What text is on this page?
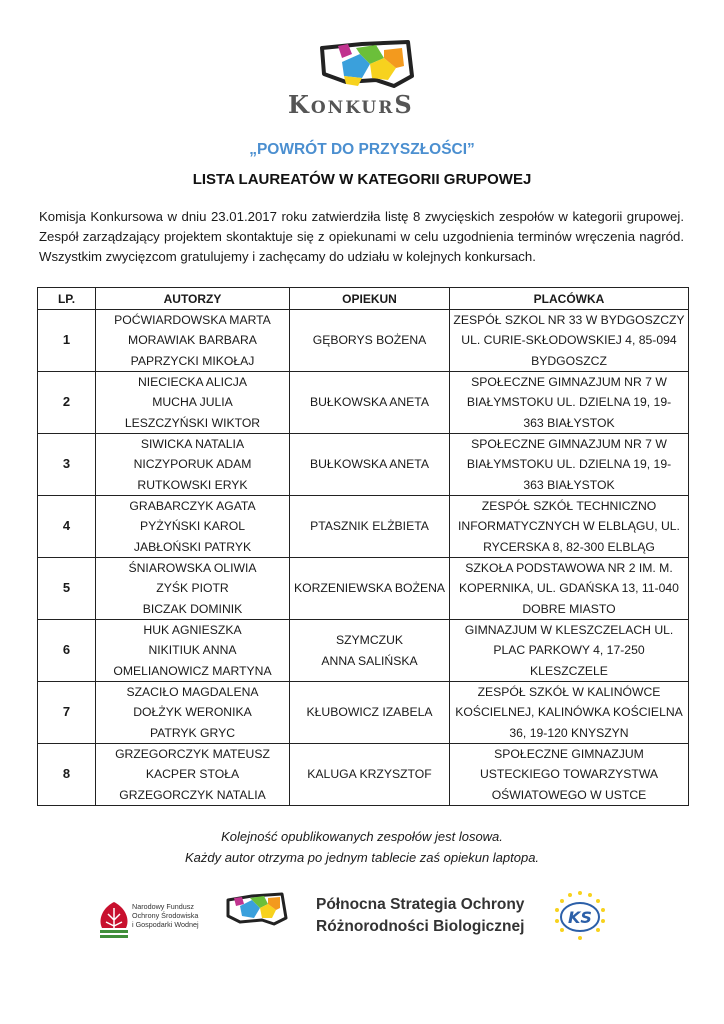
KONKURS
„POWRÓT DO PRZYSZŁOŚCI”
LISTA LAUREATÓW W KATEGORII GRUPOWEJ
Komisja Konkursowa w dniu 23.01.2017 roku zatwierdziła listę 8 zwycięskich zespołów w kategorii grupowej. Zespół zarządzający projektem skontaktuje się z opiekunami w celu uzgodnienia terminów wręczenia nagród. Wszystkim zwycięzcom gratulujemy i zachęcamy do udziału w kolejnych konkursach.
LP.	AUTORZY	OPIEKUN	PLACÓWKA
1	POĆWIARDOWSKA MARTA
MORAWIAK BARBARA
PAPRZYCKI MIKOŁAJ	GĘBORYS BOŻENA	ZESPÓŁ SZKOL NR 33 W BYDGOSZCZY
UL. CURIE-SKŁODOWSKIEJ 4, 85-094
BYDGOSZCZ

2	NIECIECKA ALICJA
MUCHA JULIA
LESZCZYŃSKI WIKTOR	BUŁKOWSKA ANETA	SPOŁECZNE GIMNAZJUM NR 7 W
BIAŁYMSTOKU UL. DZIELNA 19, 19-
363 BIAŁYSTOK

3	SIWICKA NATALIA
NICZYPORUK ADAM
RUTKOWSKI ERYK	BUŁKOWSKA ANETA	SPOŁECZNE GIMNAZJUM NR 7 W
BIAŁYMSTOKU UL. DZIELNA 19, 19-
363 BIAŁYSTOK

4	GRABARCZYK AGATA
PYŻYŃSKI KAROL
JABŁOŃSKI PATRYK	PTASZNIK ELŻBIETA	ZESPÓŁ SZKÓŁ TECHNICZNO
INFORMATYCZNYCH W ELBLĄGU, UL.
RYCERSKA 8, 82-300 ELBLĄG

5	ŚNIAROWSKA OLIWIA
ZYŚK PIOTR
BICZAK DOMINIK	KORZENIEWSKA BOŻENA	SZKOŁA PODSTAWOWA NR 2 IM. M.
KOPERNIKA, UL. GDAŃSKA 13, 11-040
DOBRE MIASTO

6	HUK AGNIESZKA
NIKITIUK ANNA
OMELIANOWICZ MARTYNA	SZYMCZUK
ANNA SALIŃSKA	GIMNAZJUM W KLESZCZELACH UL.
PLAC PARKOWY 4, 17-250
KLESZCZELE

7	SZACIŁO MAGDALENA
DOŁŻYK WERONIKA
PATRYK GRYC	KŁUBOWICZ IZABELA	ZESPÓŁ SZKÓŁ W KALINÓWCE
KOŚCIELNEJ, KALINÓWKA KOŚCIELNA
36, 19-120 KNYSZYN

8	GRZEGORCZYK MATEUSZ
KACPER STOŁA
GRZEGORCZYK NATALIA	KALUGA KRZYSZTOF	SPOŁECZNE GIMNAZJUM
USTECKIEGO TOWARZYSTWA
OŚWIATOWEGO W USTCE
Kolejność opublikowanych zespołów jest losowa.
Każdy autor otrzyma po jednym tablecie zaś opiekun laptopa.
Narodowy Fundusz
Ochrony Środowiska
i Gospodarki Wodnej
Północna Strategia Ochrony
Różnorodności Biologicznej	KS
